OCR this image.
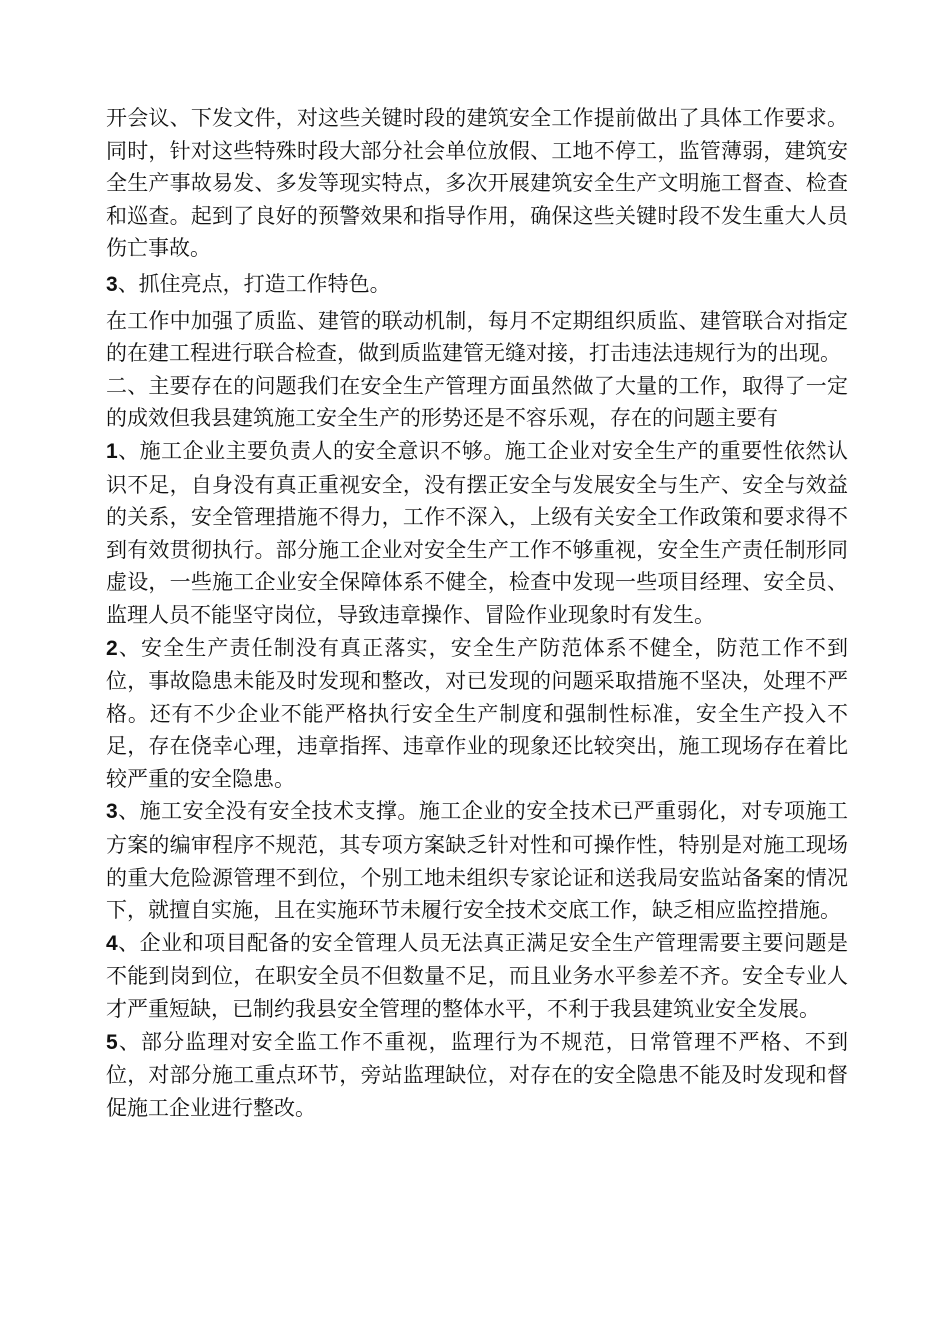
开会议、下发文件，对这些关键时段的建筑安全工作提前做出了具体工作要求。同时，针对这些特殊时段大部分社会单位放假、工地不停工，监管薄弱，建筑安全生产事故易发、多发等现实特点，多次开展建筑安全生产文明施工督查、检查和巡查。起到了良好的预警效果和指导作用，确保这些关键时段不发生重大人员伤亡事故。

3、抓住亮点，打造工作特色。

在工作中加强了质监、建管的联动机制，每月不定期组织质监、建管联合对指定的在建工程进行联合检查，做到质监建管无缝对接，打击违法违规行为的出现。

二、主要存在的问题我们在安全生产管理方面虽然做了大量的工作，取得了一定的成效但我县建筑施工安全生产的形势还是不容乐观，存在的问题主要有

1、施工企业主要负责人的安全意识不够。施工企业对安全生产的重要性依然认识不足，自身没有真正重视安全，没有摆正安全与发展安全与生产、安全与效益的关系，安全管理措施不得力，工作不深入，上级有关安全工作政策和要求得不到有效贯彻执行。部分施工企业对安全生产工作不够重视，安全生产责任制形同虚设，一些施工企业安全保障体系不健全，检查中发现一些项目经理、安全员、监理人员不能坚守岗位，导致违章操作、冒险作业现象时有发生。

2、安全生产责任制没有真正落实，安全生产防范体系不健全，防范工作不到位，事故隐患未能及时发现和整改，对已发现的问题采取措施不坚决，处理不严格。还有不少企业不能严格执行安全生产制度和强制性标准，安全生产投入不足，存在侥幸心理，违章指挥、违章作业的现象还比较突出，施工现场存在着比较严重的安全隐患。

3、施工安全没有安全技术支撑。施工企业的安全技术已严重弱化，对专项施工方案的编审程序不规范，其专项方案缺乏针对性和可操作性，特别是对施工现场的重大危险源管理不到位，个别工地未组织专家论证和送我局安监站备案的情况下，就擅自实施，且在实施环节未履行安全技术交底工作，缺乏相应监控措施。

4、企业和项目配备的安全管理人员无法真正满足安全生产管理需要主要问题是不能到岗到位，在职安全员不但数量不足，而且业务水平参差不齐。安全专业人才严重短缺，已制约我县安全管理的整体水平，不利于我县建筑业安全发展。

5、部分监理对安全监工作不重视，监理行为不规范，日常管理不严格、不到位，对部分施工重点环节，旁站监理缺位，对存在的安全隐患不能及时发现和督促施工企业进行整改。
